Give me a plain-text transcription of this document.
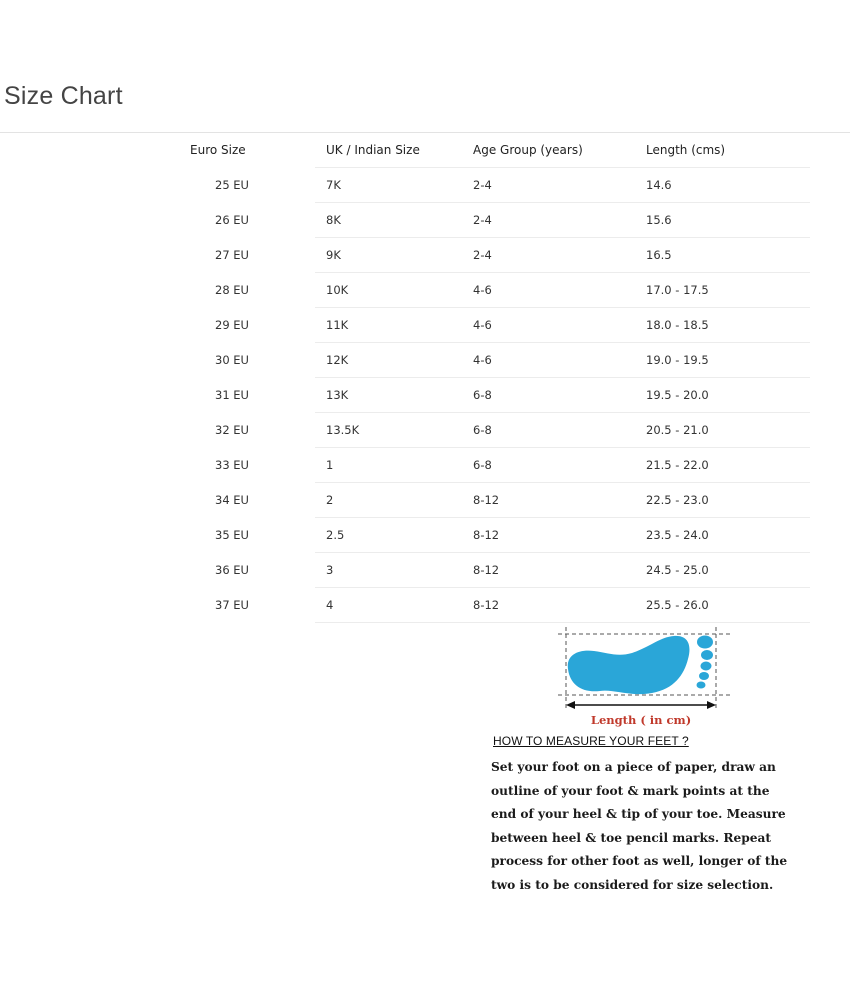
Size Chart
Euro Size	UK / Indian Size	Age Group (years)	Length (cms)
25 EU	7K	2-4	14.6
26 EU	8K	2-4	15.6
27 EU	9K	2-4	16.5
28 EU	10K	4-6	17.0 - 17.5
29 EU	11K	4-6	18.0 - 18.5
30 EU	12K	4-6	19.0 - 19.5
31 EU	13K	6-8	19.5 - 20.0
32 EU	13.5K	6-8	20.5 - 21.0
33 EU	1	6-8	21.5 - 22.0
34 EU	2	8-12	22.5 - 23.0
35 EU	2.5	8-12	23.5 - 24.0
36 EU	3	8-12	24.5 - 25.0
37 EU	4	8-12	25.5 - 26.0
Length ( in cm)
HOW TO MEASURE YOUR FEET ?
Set your foot on a piece of paper, draw an
outline of your foot & mark points at the
end of your heel & tip of your toe. Measure
between heel & toe pencil marks. Repeat
process for other foot as well, longer of the
two is to be considered for size selection.
